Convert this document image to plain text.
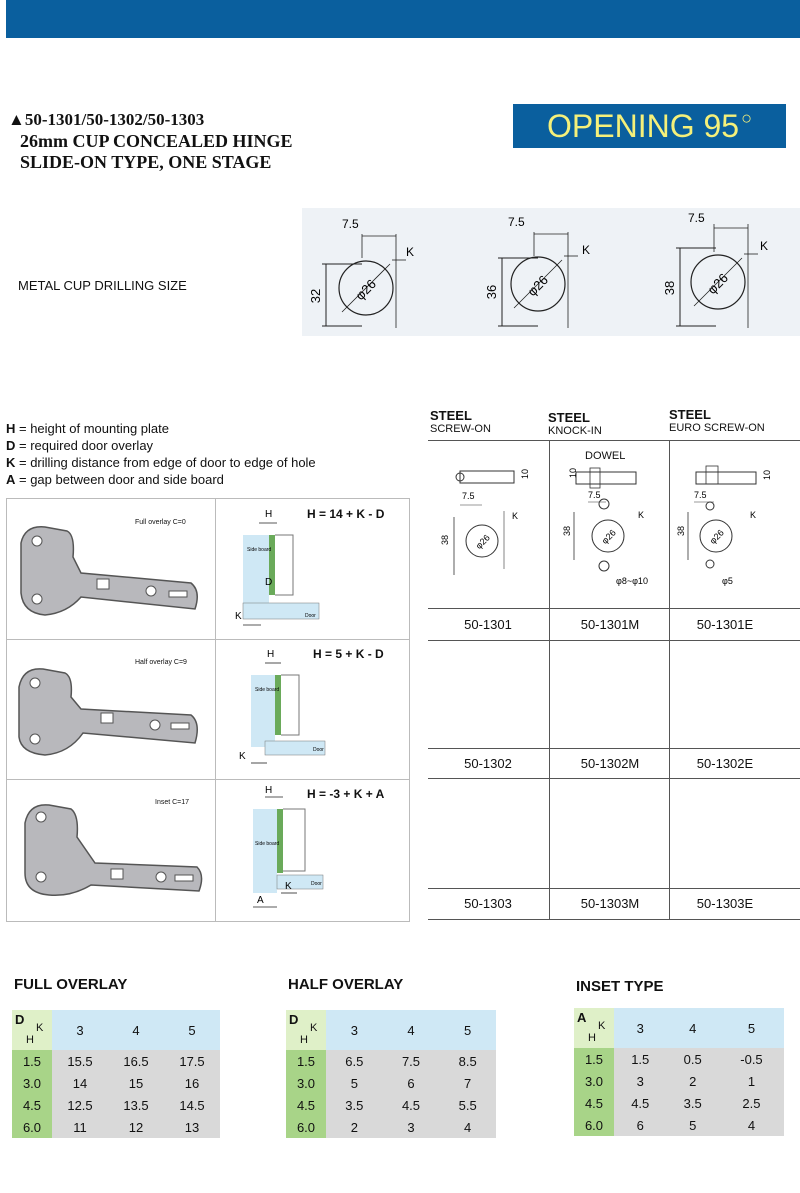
▲50-1301/50-1302/50-1303
26mm CUP CONCEALED HINGE
SLIDE-ON TYPE, ONE STAGE
OPENING 95○
METAL CUP DRILLING SIZE
32 φ26
7.5
K
36 φ26
7.5
K
38 φ26
7.5
K
H = height of mounting plate
D = required door overlay
K = drilling distance from edge of door to edge of hole
A = gap between door and side board
Full overlay C=0
Half overlay C=9
Inset C=17
H = 14 + K - D
H = 5 + K - D
H = -3 + K + A
H
K
D
Side board
Door
H
K
Side board
Door
H
K
A
Side board
Door
STEEL
SCREW-ON
STEEL
KNOCK-IN
STEEL
EURO SCREW-ON
10
7.5
K
38	φ26
DOWEL
10
7.5
K
38	φ26
φ8~φ10
10
7.5
K
38 φ26
φ5
50-1301	50-1301M	50-1301E
50-1302	50-1302M	50-1302E
50-1303	50-1303M	50-1303E
FULL OVERLAY	HALF OVERLAY	INSET TYPE
D
K
H	3	4	5
1.5	15.5	16.5	17.5
3.0	14	15	16
4.5	12.5	13.5	14.5
6.0	11	12	13
D
K
H	3	4	5
1.5	6.5	7.5	8.5
3.0	5	6	7
4.5	3.5	4.5	5.5
6.0	2	3	4
A
K
H	3	4	5
1.5	1.5	0.5	-0.5
3.0	3	2	1
4.5	4.5	3.5	2.5
6.0	6	5	4
